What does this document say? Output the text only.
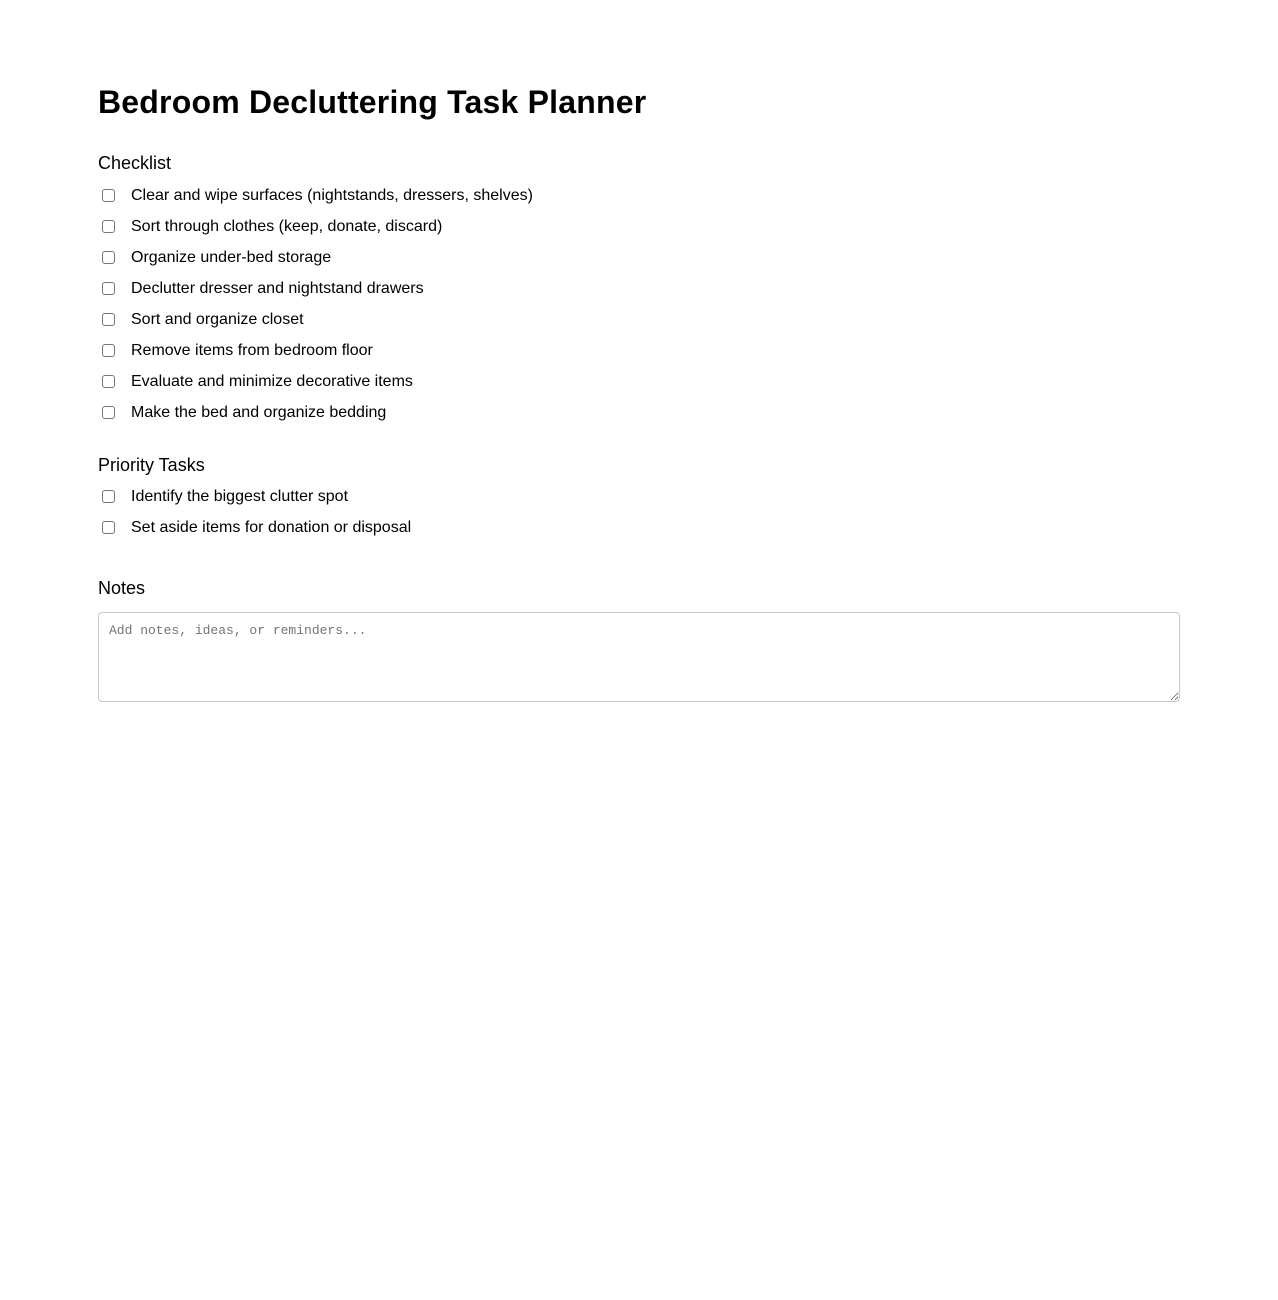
Bedroom Decluttering Task Planner
Checklist
Clear and wipe surfaces (nightstands, dressers, shelves)
Sort through clothes (keep, donate, discard)
Organize under-bed storage
Declutter dresser and nightstand drawers
Sort and organize closet
Remove items from bedroom floor
Evaluate and minimize decorative items
Make the bed and organize bedding
Priority Tasks
Identify the biggest clutter spot
Set aside items for donation or disposal
Notes
Add notes, ideas, or reminders...
